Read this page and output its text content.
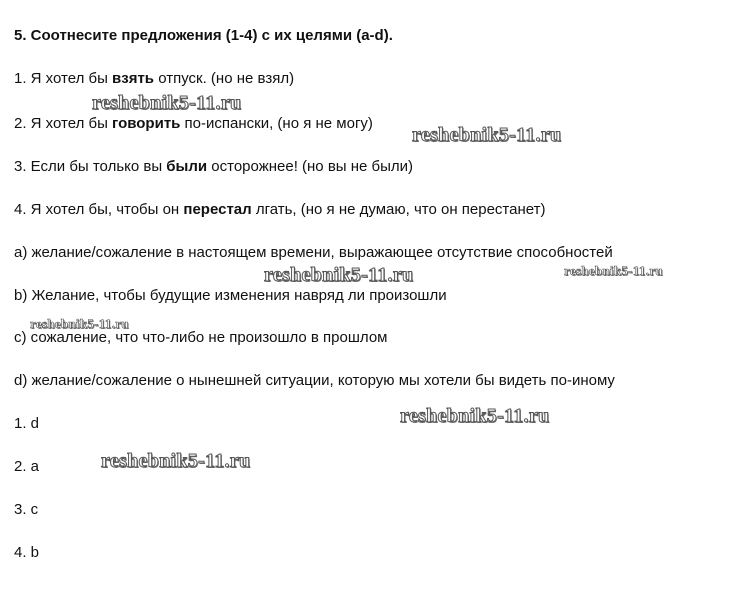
5. Соотнесите предложения (1-4) с их целями (a-d).
1. Я хотел бы взять отпуск. (но не взял)
2. Я хотел бы говорить по-испански, (но я не могу)
3. Если бы только вы были осторожнее! (но вы не были)
4. Я хотел бы, чтобы он перестал лгать, (но я не думаю, что он перестанет)
a) желание/сожаление в настоящем времени, выражающее отсутствие способностей
b) Желание, чтобы будущие изменения навряд ли произошли
c) сожаление, что что-либо не произошло в прошлом
d) желание/сожаление о нынешней ситуации, которую мы хотели бы видеть по-иному
1. d
2. a
3. c
4. b
reshebnik5-11.ru
reshebnik5-11.ru
reshebnik5-11.ru	reshebnik5-11.ru
reshebnik5-11.ru
reshebnik5-11.ru
reshebnik5-11.ru
